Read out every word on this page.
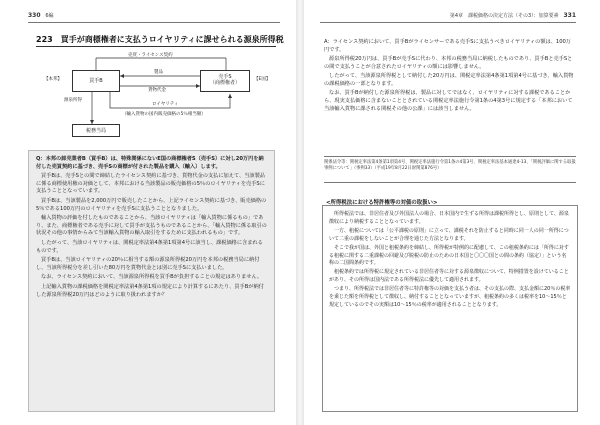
330 6編
223　買手が商標権者に支払うロイヤリティに課せられる源泉所得税
売買・ライセンス契約
【本邦】	【E国】
買手B
売手S
（商標権者）
製品
貨物代金
源泉所得
ロイヤリティ
（輸入貨物の国内販売価格の5％相当額）
税務当局

Q：本邦の卸売業者B（買手B）は、特殊関係にないE国の商標権者S（売手S）に対し20万円を納付した売買契約に基づき、売手Sの商標が付された製品を購入（輸入）します。

買手Bは、売手Sとの間で締結したライセンス契約に基づき、貨物代金の支払に加えて、当該製品に係る商標使用権の対価として、本邦における当該製品の販売価格の5％のロイヤリティを売手Sに支払うこととなっています。

買手Bは、当該製品を2,000万円で販売したことから、上記ライセンス契約に基づき、販売価格の5％である100万円のロイヤリティを売手Sに支払うこととなりました。

輸入貨物の評価を付したものであることから、当該ロイヤリティは「輸入貨物に係るもの」であり、また、商標権者である売手に対して買手が支払うものであることから、「輸入貨物に係る取引の状況その他の事情からみて当該輸入貨物の輸入取引をするために支払われるもの」です。

したがって、当該ロイヤリティは、関税定率法第4条第1項第4号に該当し、課税価格に含まれるものです。

買手Bは、当該ロイヤリティの20％に相当する額の源泉所得税20万円を本邦の税務当局に納付し、当該所得税分を差し引いた80万円を貨物代金とは別に売手Sに支払いました。

なお、ライセンス契約において、当該源泉所得税を買手Bが負担することの規定はありません。

上記輸入貨物の課税価格を関税定率法第4条第1項の規定により計算するにあたり、買手Bが納付した源泉所得税20万円はどのように取り扱われますか？

第4章　課税価格の決定方法（その3）：加算要素 331

A：ライセンス契約において、買手Bがライセンサーである売手Sに支払うべきロイヤリティの額は、100万円です。

源泉所得税20万円は、買手Bが売手Sに代わり、本邦の税務当局に納税したものであり、買手Bと売手Sとの間で支払うことが合意されたロイヤリティの額には影響しません。

したがって、当該源泉所得税として納付した20万円は、関税定率法第4条第1項第4号に基づき、輸入貨物の課税価格の一部となります。

なお、買手Bが納付した源泉所得税は、製品に対してではなく、ロイヤリティに対する課税であることから、現実支払価格に含まないこととされている関税定率法施行令第1条の4第3号に規定する「本邦において当該輸入貨物に課される関税その他の公課」には該当しません。

関係法令等：関税定率法第4条第1項第4号、関税定率法施行令第1条の4第3号、関税定率法基本通達4-13、「関税評価に関する取扱事例について」（事例33）（平成19年8月22日財関第876号）
<所得税法における特許権等の対価の取扱い>

所得税法では、非居住者及び外国法人の場合、日本国内で生ずる所得は課税所得とし、原則として、源泉徴収により納税することとなっています。

一方、租税については「公平課税の原則」に立って、課税それを防止すると同時に同一人の同一所得について二重の課税をしないことが合理を通じた方法となります。

そこで我が国は、外国と租税条約を締結し、所得税が特例的に配慮して、この租税条約には「所得に対する租税に関する二重課税の回避及び脱税の防止のための日本国と〇〇〇国との間の条約（協定）」という名称の二国間条約です。

租税条約では所得税に規定されている非居住者等に対する源泉徴収について、特例措置を設けていることがあり、その所得は国内法である所得税法に優先して適用されます。

つまり、所得税法では非居住者等に特許権等の対価を支払う者は、その支払の際、支払金額に20％の税率を乗じた額を所得税として徴収し、納付することとなっていますが、租税条約の多くは税率を10〜15％と規定しているのでその実額は10〜15％の税率が適用されることとなります。
